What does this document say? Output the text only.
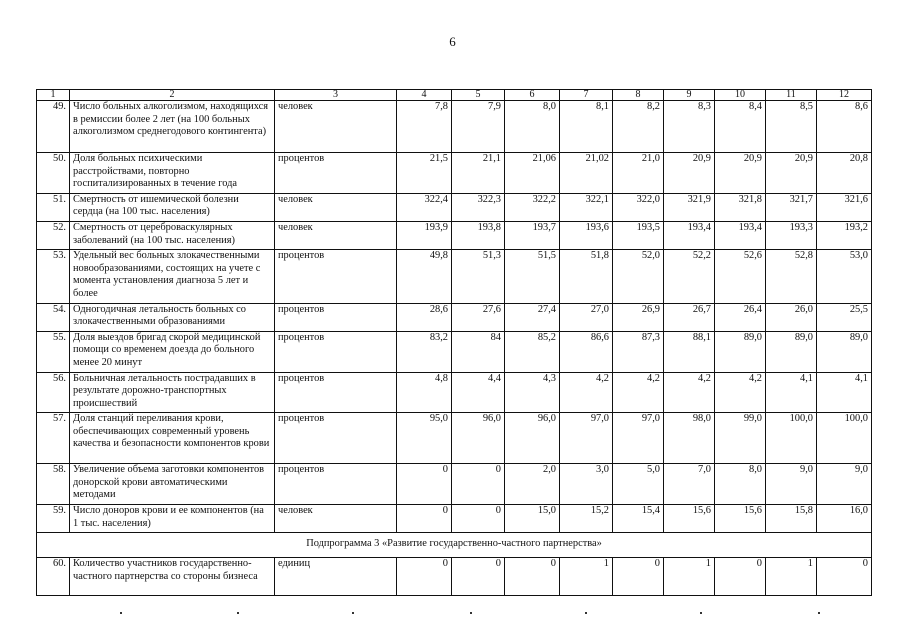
6
1	2	3	4	5	6	7	8	9	10	11	12
49.	Число больных алкоголизмом, находящихся в ремиссии более 2 лет (на 100 больных алкоголизмом среднегодового контингента)	человек	7,8	7,9	8,0	8,1	8,2	8,3	8,4	8,5	8,6
50.	Доля больных психическими расстройствами, повторно госпитализированных в течение года	процентов	21,5	21,1	21,06	21,02	21,0	20,9	20,9	20,9	20,8
51.	Смертность от ишемической болезни сердца (на 100 тыс. населения)	человек	322,4	322,3	322,2	322,1	322,0	321,9	321,8	321,7	321,6
52.	Смертность от цереброваскулярных заболеваний (на 100 тыс. населения)	человек	193,9	193,8	193,7	193,6	193,5	193,4	193,4	193,3	193,2
53.	Удельный вес больных злокачественными новообразованиями, состоящих на учете с момента установления диагноза 5 лет и более	процентов	49,8	51,3	51,5	51,8	52,0	52,2	52,6	52,8	53,0
54.	Одногодичная летальность больных со злокачественными образованиями	процентов	28,6	27,6	27,4	27,0	26,9	26,7	26,4	26,0	25,5
55.	Доля выездов бригад скорой медицинской помощи со временем доезда до больного менее 20 минут	процентов	83,2	84	85,2	86,6	87,3	88,1	89,0	89,0	89,0
56.	Больничная летальность пострадавших в результате дорожно-транспортных происшествий	процентов	4,8	4,4	4,3	4,2	4,2	4,2	4,2	4,1	4,1
57.	Доля станций переливания крови, обеспечивающих современный уровень качества и безопасности компонентов крови	процентов	95,0	96,0	96,0	97,0	97,0	98,0	99,0	100,0	100,0
58.	Увеличение объема заготовки компонентов донорской крови автоматическими методами	процентов	0	0	2,0	3,0	5,0	7,0	8,0	9,0	9,0
59.	Число доноров крови и ее компонентов (на 1 тыс. населения)	человек	0	0	15,0	15,2	15,4	15,6	15,6	15,8	16,0
Подпрограмма 3 «Развитие государственно-частного партнерства»											
60.	Количество участников государственно-частного партнерства со стороны бизнеса	единиц	0	0	0	1	0	1	0	1	0
